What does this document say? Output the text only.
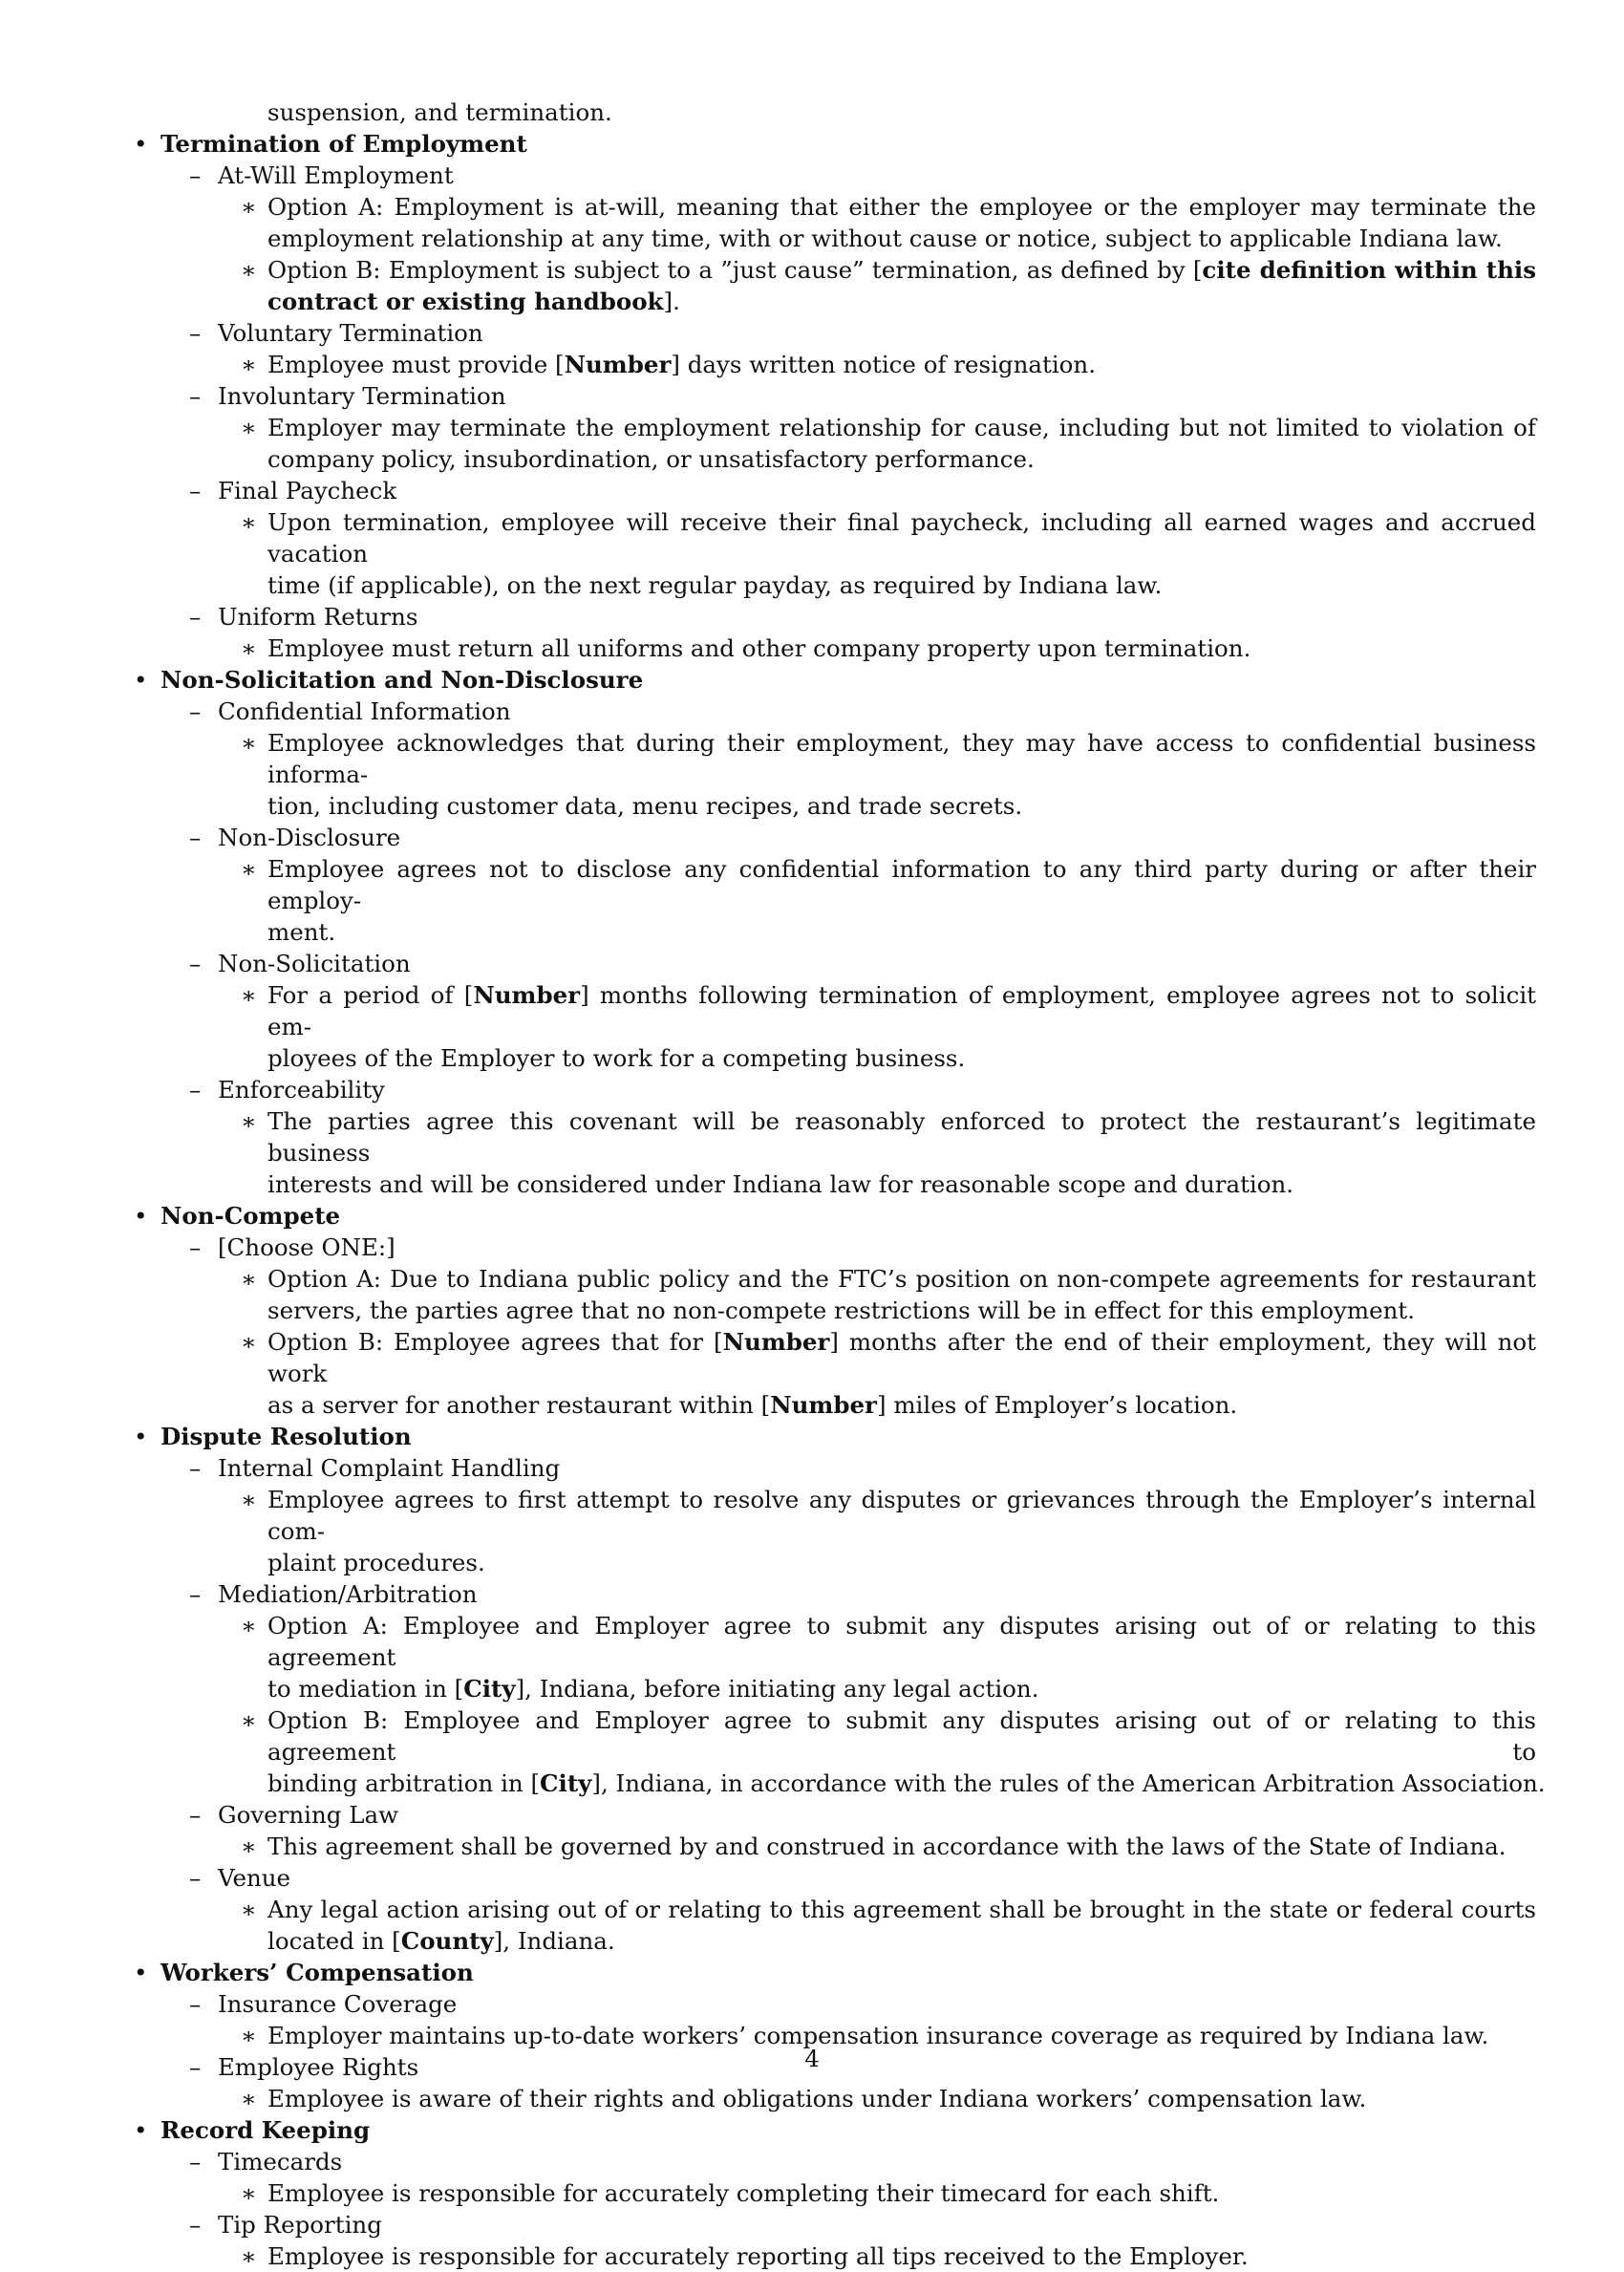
suspension, and termination.
• Termination of Employment
– At-Will Employment
∗ Option A: Employment is at-will, meaning that either the employee or the employer may terminate the
employment relationship at any time, with or without cause or notice, subject to applicable Indiana law.
∗ Option B: Employment is subject to a ”just cause” termination, as defined by [cite definition within this
contract or existing handbook].
– Voluntary Termination
∗ Employee must provide [Number] days written notice of resignation.
– Involuntary Termination
∗ Employer may terminate the employment relationship for cause, including but not limited to violation of
company policy, insubordination, or unsatisfactory performance.
– Final Paycheck
∗ Upon termination, employee will receive their final paycheck, including all earned wages and accrued vacation
time (if applicable), on the next regular payday, as required by Indiana law.
– Uniform Returns
∗ Employee must return all uniforms and other company property upon termination.
• Non-Solicitation and Non-Disclosure
– Confidential Information
∗ Employee acknowledges that during their employment, they may have access to confidential business informa-
tion, including customer data, menu recipes, and trade secrets.
– Non-Disclosure
∗ Employee agrees not to disclose any confidential information to any third party during or after their employ-
ment.
– Non-Solicitation
∗ For a period of [Number] months following termination of employment, employee agrees not to solicit em-
ployees of the Employer to work for a competing business.
– Enforceability
∗ The parties agree this covenant will be reasonably enforced to protect the restaurant’s legitimate business
interests and will be considered under Indiana law for reasonable scope and duration.
• Non-Compete
– [Choose ONE:]
∗ Option A: Due to Indiana public policy and the FTC’s position on non-compete agreements for restaurant
servers, the parties agree that no non-compete restrictions will be in effect for this employment.
∗ Option B: Employee agrees that for [Number] months after the end of their employment, they will not work
as a server for another restaurant within [Number] miles of Employer’s location.
• Dispute Resolution
– Internal Complaint Handling
∗ Employee agrees to first attempt to resolve any disputes or grievances through the Employer’s internal com-
plaint procedures.
– Mediation/Arbitration
∗ Option A: Employee and Employer agree to submit any disputes arising out of or relating to this agreement
to mediation in [City], Indiana, before initiating any legal action.
∗ Option B: Employee and Employer agree to submit any disputes arising out of or relating to this agreement to
binding arbitration in [City], Indiana, in accordance with the rules of the American Arbitration Association.
– Governing Law
∗ This agreement shall be governed by and construed in accordance with the laws of the State of Indiana.
– Venue
∗ Any legal action arising out of or relating to this agreement shall be brought in the state or federal courts
located in [County], Indiana.
• Workers’ Compensation
– Insurance Coverage
∗ Employer maintains up-to-date workers’ compensation insurance coverage as required by Indiana law.
– Employee Rights
∗ Employee is aware of their rights and obligations under Indiana workers’ compensation law.
• Record Keeping
– Timecards
∗ Employee is responsible for accurately completing their timecard for each shift.
– Tip Reporting
∗ Employee is responsible for accurately reporting all tips received to the Employer.
4
